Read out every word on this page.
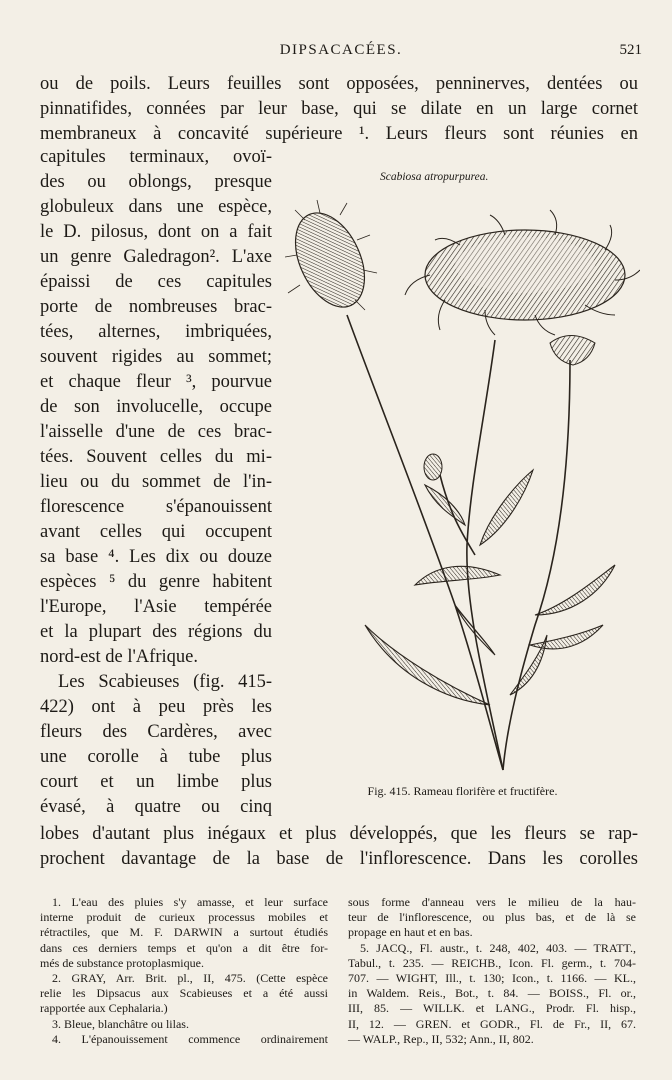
DIPSACACÉES.	521
ou de poils. Leurs feuilles sont opposées, penninerves, dentées ou
pinnatifides, connées par leur base, qui se dilate en un large cornet
membraneux à concavité supérieure ¹. Leurs fleurs sont réunies en
capitules terminaux, ovoï-
des ou oblongs, presque
globuleux dans une espèce,
le D. pilosus, dont on a fait
un genre Galedragon². L'axe
épaissi de ces capitules
porte de nombreuses brac-
tées, alternes, imbriquées,
souvent rigides au sommet;
et chaque fleur ³, pourvue
de son involucelle, occupe
l'aisselle d'une de ces brac-
tées. Souvent celles du mi-
lieu ou du sommet de l'in-
florescence s'épanouissent
avant celles qui occupent
sa base ⁴. Les dix ou douze
espèces ⁵ du genre habitent
l'Europe, l'Asie tempérée
et la plupart des régions du
nord-est de l'Afrique.
Les Scabieuses (fig. 415-
422) ont à peu près les
fleurs des Cardères, avec
une corolle à tube plus
court et un limbe plus
évasé, à quatre ou cinq
Scabiosa atropurpurea.
Fig. 415. Rameau florifère et fructifère.
lobes d'autant plus inégaux et plus développés, que les fleurs se rap-
prochent davantage de la base de l'inflorescence. Dans les corolles
1. L'eau des pluies s'y amasse, et leur surface
interne produit de curieux processus mobiles et
rétractiles, que M. F. DARWIN a surtout étudiés
dans ces derniers temps et qu'on a dit être for-
més de substance protoplasmique.
2. GRAY, Arr. Brit. pl., II, 475. (Cette espèce
relie les Dipsacus aux Scabieuses et a été aussi
rapportée aux Cephalaria.)
3. Bleue, blanchâtre ou lilas.
4. L'épanouissement commence ordinairement
sous forme d'anneau vers le milieu de la hau-
teur de l'inflorescence, ou plus bas, et de là se
propage en haut et en bas.
5. JACQ., Fl. austr., t. 248, 402, 403. — TRATT.,
Tabul., t. 235. — REICHB., Icon. Fl. germ., t. 704-
707. — WIGHT, Ill., t. 130; Icon., t. 1166. — KL.,
in Waldem. Reis., Bot., t. 84. — BOISS., Fl. or.,
III, 85. — WILLK. et LANG., Prodr. Fl. hisp.,
II, 12. — GREN. et GODR., Fl. de Fr., II, 67.
— WALP., Rep., II, 532; Ann., II, 802.
